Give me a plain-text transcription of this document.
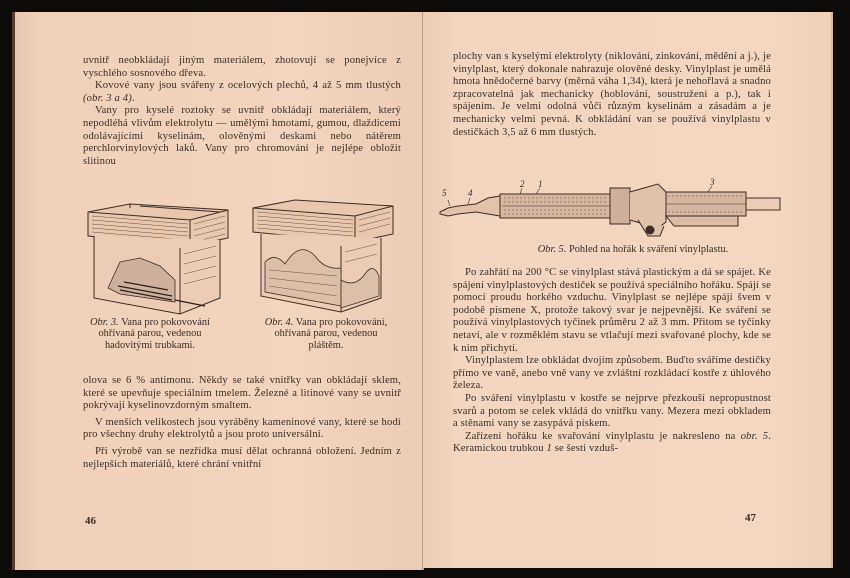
uvnitř neobkládají jiným materiálem, zhotovují se ponejvíce z vyschlého sosnového dřeva.

Kovové vany jsou svářeny z ocelových plechů, 4 až 5 mm tlustých (obr. 3 a 4).

Vany pro kyselé roztoky se uvnitř obkládají materiálem, který nepodléhá vlivům elektrolytu — umělými hmotami, gumou, dlaždicemi odolávajícími kyselinám, olověnými deskami nebo nátěrem perchlorvinylových laků. Vany pro chromování je nejlépe obložit slitinou

Obr. 3. Vana pro pokovování ohřívaná parou, vedenou hadovitými trubkami.
Obr. 4. Vana pro pokovování, ohřívaná parou, vedenou pláštěm.

olova se 6 % antimonu. Někdy se také vnitřky van obkládají sklem, které se upevňuje speciálním tmelem. Železné a litinové vany se uvnitř pokrývají kyselinovzdorným smaltem.

V menších velikostech jsou vyráběny kameninové vany, které se hodí pro všechny druhy elektrolytů a jsou proto universální.

Při výrobě van se nezřídka musí dělat ochranná obložení. Jedním z nejlepších materiálů, které chrání vnitřní

46

plochy van s kyselými elektrolyty (niklování, zinkování, mědění a j.), je vinylplast, který dokonale nahrazuje olověné desky. Vinylplast je umělá hmota hnědočerné barvy (měrná váha 1,34), která je nehořlavá a snadno zpracovatelná jak mechanicky (hoblování, soustružení a p.), tak i spájením. Je velmi odolná vůči různým kyselinám a zásadám a je mechanicky velmi pevná. K obkládání van se používá vinylplastu v destičkách 3,5 až 6 mm tlustých.

5 4
2 1	3
Obr. 5. Pohled na hořák k sváření vinylplastu.

Po zahřátí na 200 °C se vinylplast stává plastickým a dá se spájet. Ke spájení vinylplastových destiček se používá speciálního hořáku. Spájí se pomocí proudu horkého vzduchu. Vinylplast se nejlépe spájí švem v podobě písmene X, protože takový svar je nejpevnější. Ke sváření se používá vinylplastových tyčinek průměru 2 až 3 mm. Přitom se tyčinky netaví, ale v rozměklém stavu se vtlačují mezi svařované plochy, kde se k nim přichytí.

Vinylplastem lze obkládat dvojím způsobem. Buďto sváříme destičky přímo ve vaně, anebo vně vany ve zvláštní rozkládací kostře z úhlového železa.

Po sváření vinylplastu v kostře se nejprve přezkouší nepropustnost svarů a potom se celek vkládá do vnitřku vany. Mezera mezi obkladem a stěnami vany se zasypává pískem.

Zařízení hořáku ke svařování vinylplastu je nakresleno na obr. 5. Keramickou trubkou 1 se šesti vzduš-

47
